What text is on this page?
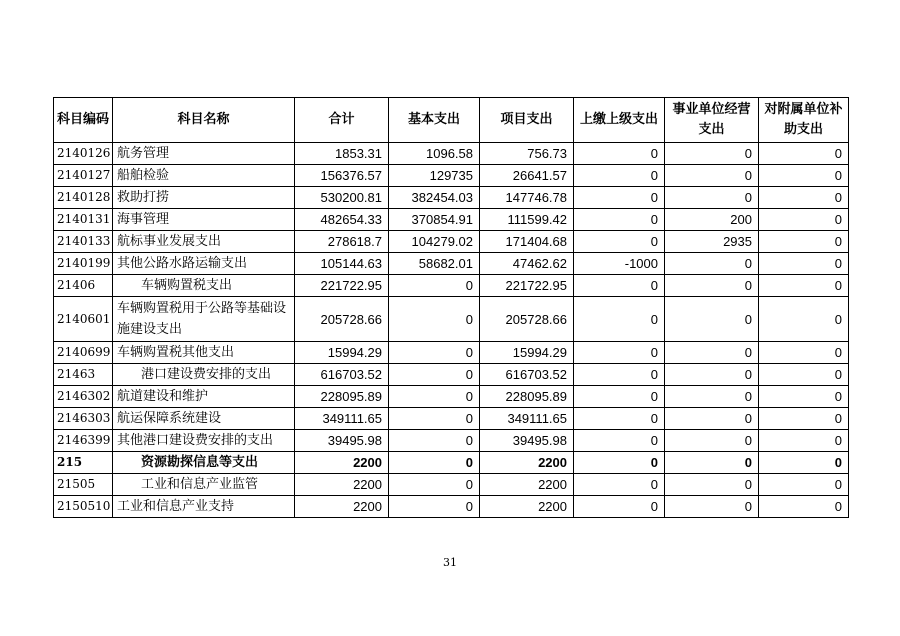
科目编码	科目名称	合计	基本支出	项目支出	上缴上级支出	事业单位经营支出	对附属单位补助支出
2140126	航务管理	1853.31	1096.58	756.73	0	0	0
2140127	船舶检验	156376.57	129735	26641.57	0	0	0
2140128	救助打捞	530200.81	382454.03	147746.78	0	0	0
2140131	海事管理	482654.33	370854.91	111599.42	0	200	0
2140133	航标事业发展支出	278618.7	104279.02	171404.68	0	2935	0
2140199	其他公路水路运输支出	105144.63	58682.01	47462.62	-1000	0	0
21406	车辆购置税支出	221722.95	0	221722.95	0	0	0
2140601	车辆购置税用于公路等基础设施建设支出	205728.66	0	205728.66	0	0	0
2140699	车辆购置税其他支出	15994.29	0	15994.29	0	0	0
21463	港口建设费安排的支出	616703.52	0	616703.52	0	0	0
2146302	航道建设和维护	228095.89	0	228095.89	0	0	0
2146303	航运保障系统建设	349111.65	0	349111.65	0	0	0
2146399	其他港口建设费安排的支出	39495.98	0	39495.98	0	0	0
215	资源勘探信息等支出	2200	0	2200	0	0	0
21505	工业和信息产业监管	2200	0	2200	0	0	0
2150510	工业和信息产业支持	2200	0	2200	0	0	0
31
